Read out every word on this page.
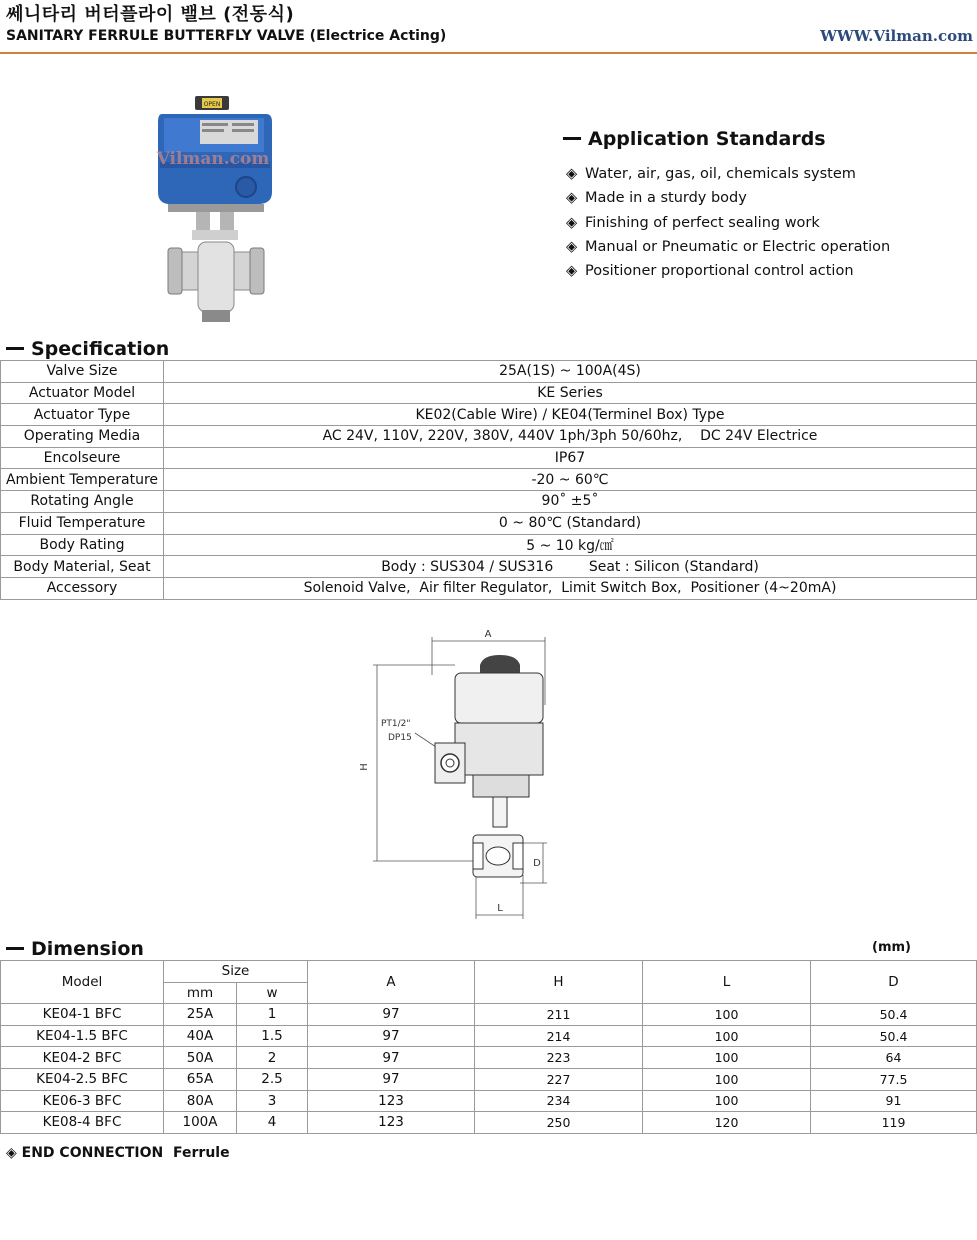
쎄니타리 버터플라이 밸브 (전동식)
SANITARY FERRULE BUTTERFLY VALVE (Electrice Acting)	WWW.Vilman.com
OPEN
Vilman.com
Application Standards
◈ Water, air, gas, oil, chemicals system
◈ Made in a sturdy body
◈ Finishing of perfect sealing work
◈ Manual or Pneumatic or Electric operation
◈ Positioner proportional control action
Specification
Valve Size	25A(1S) ~ 100A(4S)
Actuator Model	KE Series
Actuator Type	KE02(Cable Wire) / KE04(Terminel Box) Type
Operating Media	AC 24V, 110V, 220V, 380V, 440V 1ph/3ph 50/60hz,    DC 24V Electrice
Encolseure	IP67
Ambient Temperature	-20 ~ 60℃
Rotating Angle	90˚ ±5˚
Fluid Temperature	0 ~ 80℃ (Standard)
Body Rating	5 ~ 10 kg/㎠
Body Material, Seat	Body : SUS304 / SUS316        Seat : Silicon (Standard)
Accessory	Solenoid Valve,  Air filter Regulator,  Limit Switch Box,  Positioner (4~20mA)
A
H
L
D
PT1/2"
DP15
Dimension	(mm)
Model	Size		A	H	L	D
	mm	w				
KE04-1 BFC	25A	1	97	211	100	50.4
KE04-1.5 BFC	40A	1.5	97	214	100	50.4
KE04-2 BFC	50A	2	97	223	100	64
KE04-2.5 BFC	65A	2.5	97	227	100	77.5
KE06-3 BFC	80A	3	123	234	100	91
KE08-4 BFC	100A	4	123	250	120	119
◈ END CONNECTION Ferrule
